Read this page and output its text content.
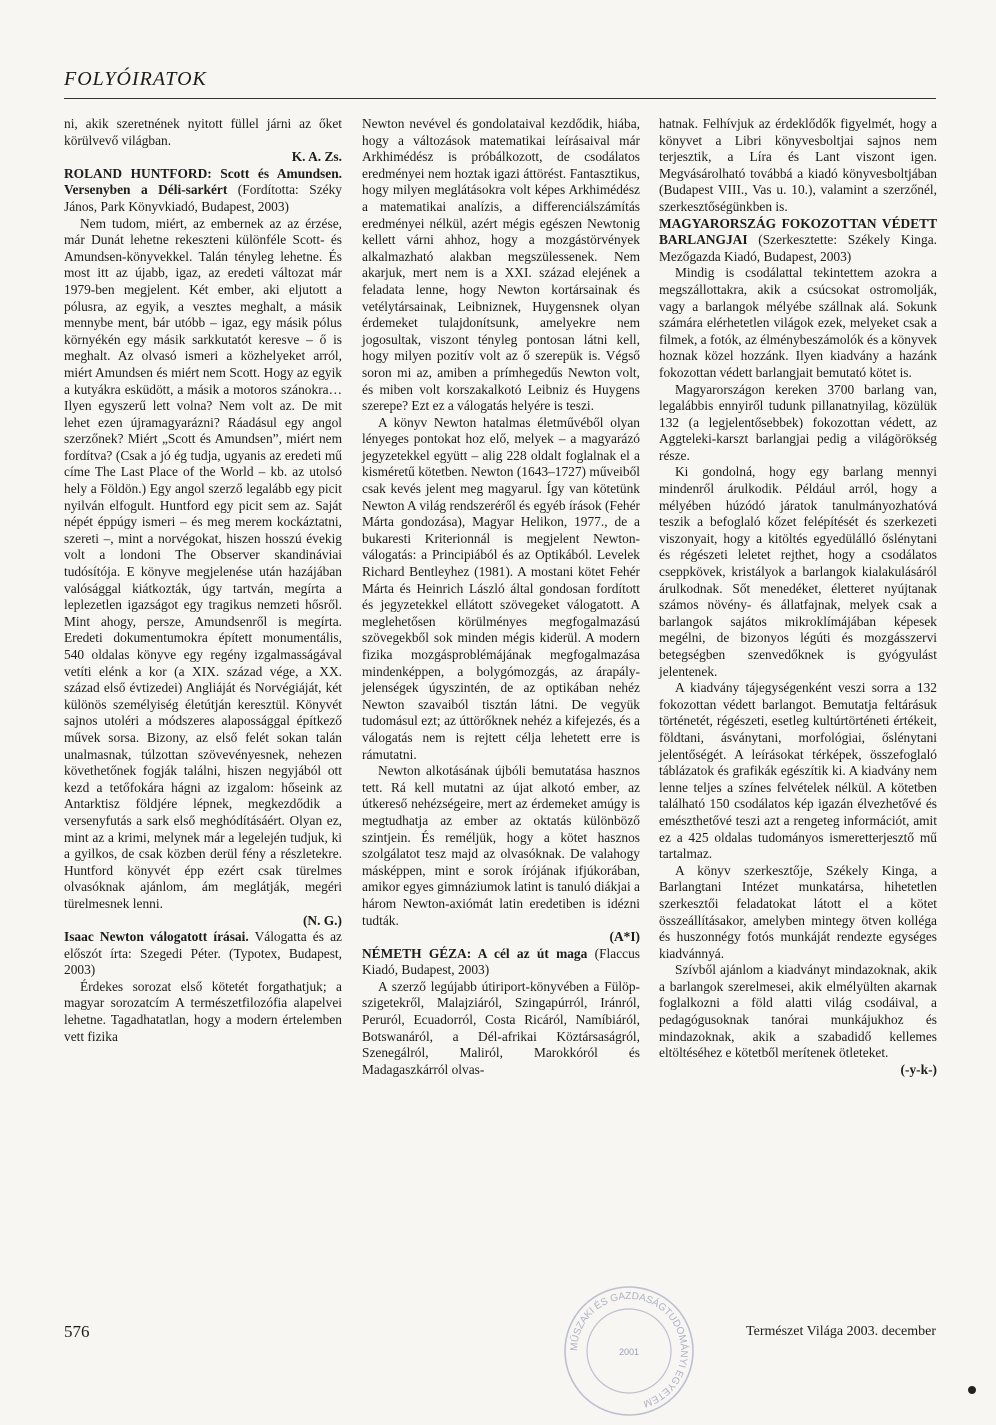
FOLYÓIRATOK

ni, akik szeretnének nyitott füllel járni az őket körülvevő világban.

K. A. Zs.

ROLAND HUNTFORD: Scott és Amundsen. Versenyben a Déli-sarkért (Fordította: Széky János, Park Könyvkiadó, Budapest, 2003)

Nem tudom, miért, az embernek az az érzése, már Dunát lehetne rekeszteni különféle Scott- és Amundsen-könyvekkel. Talán tényleg lehetne. És most itt az újabb, igaz, az eredeti változat már 1979-ben megjelent. Két ember, aki eljutott a pólusra, az egyik, a vesztes meghalt, a másik mennybe ment, bár utóbb – igaz, egy másik pólus környékén egy másik sarkkutatót keresve – ő is meghalt. Az olvasó ismeri a közhelyeket arról, miért Amundsen és miért nem Scott. Hogy az egyik a kutyákra esküdött, a másik a motoros szánokra… Ilyen egyszerű lett volna? Nem volt az. De mit lehet ezen újramagyarázni? Ráadásul egy angol szerzőnek? Miért „Scott és Amundsen”, miért nem fordítva? (Csak a jó ég tudja, ugyanis az eredeti mű címe The Last Place of the World – kb. az utolsó hely a Földön.) Egy angol szerző legalább egy picit nyilván elfogult. Huntford egy picit sem az. Saját népét éppúgy ismeri – és meg merem kockáztatni, szereti –, mint a norvégokat, hiszen hosszú évekig volt a londoni The Observer skandináviai tudósítója. E könyve megjelenése után hazájában valósággal kiátkozták, úgy tartván, megírta a leplezetlen igazságot egy tragikus nemzeti hősről. Mint ahogy, persze, Amundsenről is megírta. Eredeti dokumentumokra épített monumentális, 540 oldalas könyve egy regény izgalmasságával vetíti elénk a kor (a XIX. század vége, a XX. század első évtizedei) Angliáját és Norvégiáját, két különös személyiség életútján keresztül. Könyvét sajnos utoléri a módszeres alapossággal építkező művek sorsa. Bizony, az első felét sokan talán unalmasnak, túlzottan szövevényesnek, nehezen követhetőnek fogják találni, hiszen negyjából ott kezd a tetőfokára hágni az izgalom: hőseink az Antarktisz földjére lépnek, megkezdődik a versenyfutás a sark első meghódításáért. Olyan ez, mint az a krimi, melynek már a legelején tudjuk, ki a gyilkos, de csak közben derül fény a részletekre. Huntford könyvét épp ezért csak türelmes olvasóknak ajánlom, ám meglátják, megéri türelmesnek lenni.

(N. G.)

Isaac Newton válogatott írásai. Válogatta és az előszót írta: Szegedi Péter. (Typotex, Budapest, 2003)

Érdekes sorozat első kötetét forgathatjuk; a magyar sorozatcím A természetfilozófia alapelvei lehetne. Tagadhatatlan, hogy a modern értelemben vett fizika

Newton nevével és gondolataival kezdődik, hiába, hogy a változások matematikai leírásaival már Arkhimédész is próbálkozott, de csodálatos eredményei nem hoztak igazi áttörést. Fantasztikus, hogy milyen meglátásokra volt képes Arkhimédész a matematikai analízis, a differenciálszámítás eredményei nélkül, azért mégis egészen Newtonig kellett várni ahhoz, hogy a mozgástörvények alkalmazható alakban megszülessenek. Nem akarjuk, mert nem is a XXI. század elejének a feladata lenne, hogy Newton kortársainak és vetélytársainak, Leibniznek, Huygensnek olyan érdemeket tulajdonítsunk, amelyekre nem jogosultak, viszont tényleg pontosan látni kell, hogy milyen pozitív volt az ő szerepük is. Végső soron mi az, amiben a prímhegedűs Newton volt, és miben volt korszakalkotó Leibniz és Huygens szerepe? Ezt ez a válogatás helyére is teszi.

A könyv Newton hatalmas életművéből olyan lényeges pontokat hoz elő, melyek – a magyarázó jegyzetekkel együtt – alig 228 oldalt foglalnak el a kisméretű kötetben. Newton (1643–1727) műveiből csak kevés jelent meg magyarul. Így van kötetünk Newton A világ rendszeréről és egyéb írások (Fehér Márta gondozása), Magyar Helikon, 1977., de a bukaresti Kriterionnál is megjelent Newton-válogatás: a Principiából és az Optikából. Levelek Richard Bentleyhez (1981). A mostani kötet Fehér Márta és Heinrich László által gondosan fordított és jegyzetekkel ellátott szövegeket válogatott. A meglehetősen körülményes megfogalmazású szövegekből sok minden mégis kiderül. A modern fizika mozgásproblémájának megfogalmazása mindenképpen, a bolygómozgás, az árapály-jelenségek úgyszintén, de az optikában nehéz Newton szavaiból tisztán látni. De vegyük tudomásul ezt; az úttörőknek nehéz a kifejezés, és a válogatás nem is rejtett célja lehetett erre is rámutatni.

Newton alkotásának újbóli bemutatása hasznos tett. Rá kell mutatni az újat alkotó ember, az útkereső nehézségeire, mert az érdemeket amúgy is megtudhatja az ember az oktatás különböző szintjein. És reméljük, hogy a kötet hasznos szolgálatot tesz majd az olvasóknak. De valahogy másképpen, mint e sorok írójának ifjúkorában, amikor egyes gimnáziumok latint is tanuló diákjai a három Newton-axiómát latin eredetiben is idézni tudták.

(A*I)

NÉMETH GÉZA: A cél az út maga (Flaccus Kiadó, Budapest, 2003)

A szerző legújabb útiriport-könyvében a Fülöp-szigetekről, Malajziáról, Szingapúrról, Iránról, Peruról, Ecuadorról, Costa Ricáról, Namíbiáról, Botswanáról, a Dél-afrikai Köztársaságról, Szenegálról, Maliról, Marokkóról és Madagaszkárról olvas-

hatnak. Felhívjuk az érdeklődők figyelmét, hogy a könyvet a Libri könyvesboltjai sajnos nem terjesztik, a Líra és Lant viszont igen. Megvásárolható továbbá a kiadó könyvesboltjában (Budapest VIII., Vas u. 10.), valamint a szerzőnél, szerkesztőségünkben is.

MAGYARORSZÁG FOKOZOTTAN VÉDETT BARLANGJAI (Szerkesztette: Székely Kinga. Mezőgazda Kiadó, Budapest, 2003)

Mindig is csodálattal tekintettem azokra a megszállottakra, akik a csúcsokat ostromolják, vagy a barlangok mélyébe szállnak alá. Sokunk számára elérhetetlen világok ezek, melyeket csak a filmek, a fotók, az élménybeszámolók és a könyvek hoznak közel hozzánk. Ilyen kiadvány a hazánk fokozottan védett barlangjait bemutató kötet is.

Magyarországon kereken 3700 barlang van, legalábbis ennyiről tudunk pillanatnyilag, közülük 132 (a legjelentősebbek) fokozottan védett, az Aggteleki-karszt barlangjai pedig a világörökség része.

Ki gondolná, hogy egy barlang mennyi mindenről árulkodik. Például arról, hogy a mélyében húzódó járatok tanulmányozhatóvá teszik a befoglaló kőzet felépítését és szerkezeti viszonyait, hogy a kitöltés egyedülálló őslénytani és régészeti leletet rejthet, hogy a csodálatos cseppkövek, kristályok a barlangok kialakulásáról árulkodnak. Sőt menedéket, életteret nyújtanak számos növény- és állatfajnak, melyek csak a barlangok sajátos mikroklímájában képesek megélni, de bizonyos légúti és mozgásszervi betegségben szenvedőknek is gyógyulást jelentenek.

A kiadvány tájegységenként veszi sorra a 132 fokozottan védett barlangot. Bemutatja feltárásuk történetét, régészeti, esetleg kultúrtörténeti értékeit, földtani, ásványtani, morfológiai, őslénytani jelentőségét. A leírásokat térképek, összefoglaló táblázatok és grafikák egészítik ki. A kiadvány nem lenne teljes a színes felvételek nélkül. A kötetben található 150 csodálatos kép igazán élvezhetővé és emészthetővé teszi azt a rengeteg információt, amit ez a 425 oldalas tudományos ismeretterjesztő mű tartalmaz.

A könyv szerkesztője, Székely Kinga, a Barlangtani Intézet munkatársa, hihetetlen szerkesztői feladatokat látott el a kötet összeállításakor, amelyben mintegy ötven kolléga és huszonnégy fotós munkáját rendezte egységes kiadvánnyá.

Szívből ajánlom a kiadványt mindazoknak, akik a barlangok szerelmesei, akik elmélyülten akarnak foglalkozni a föld alatti világ csodáival, a pedagógusoknak tanórai munkájukhoz és mindazoknak, akik a szabadidő kellemes eltöltéséhez e kötetből merítenek ötleteket.

(-y-k-)

576	Természet Világa 2003. december
MŰSZAKI ÉS GAZDASÁGTUDOMÁNYI EGYETEM
2001
